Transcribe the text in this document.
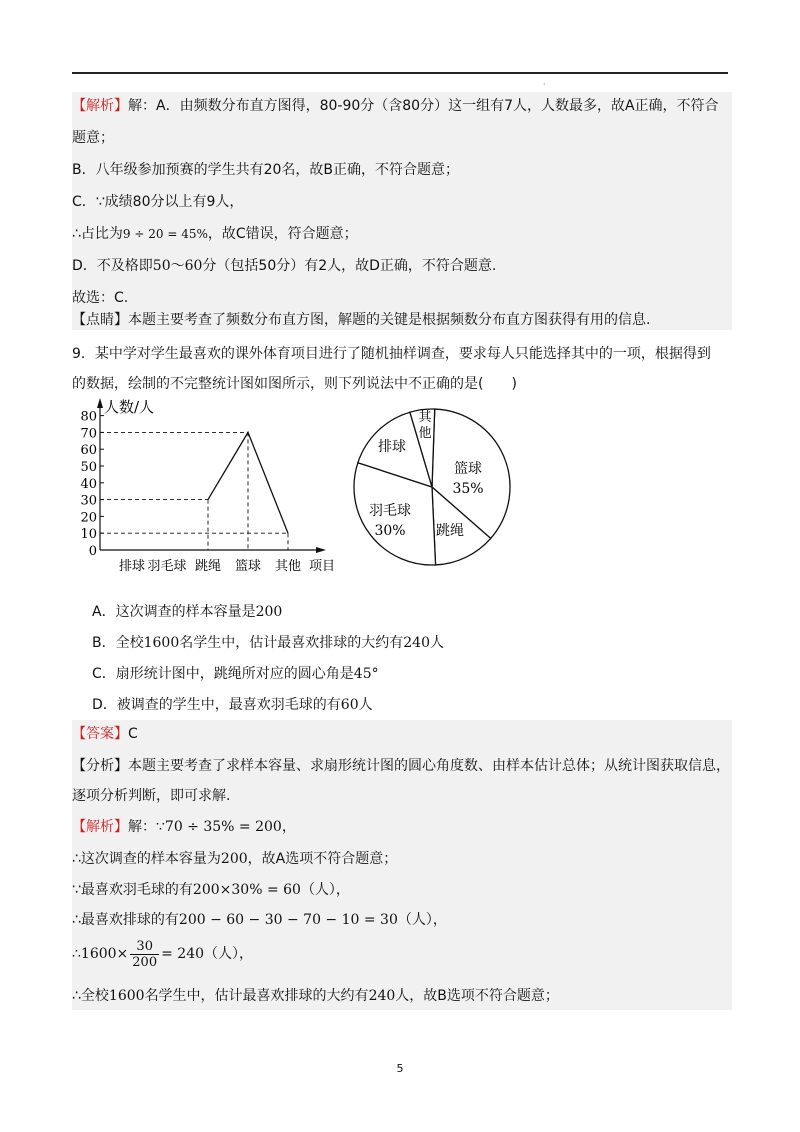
·
【解析】解：A．由频数分布直方图得，80-90分（含80分）这一组有7人，人数最多，故A正确，不符合
题意；
B．八年级参加预赛的学生共有20名，故B正确，不符合题意；
C．∵成绩80分以上有9人，
∴占比为9 ÷ 20 = 45%，故C错误，符合题意；
D．不及格即50～60分（包括50分）有2人，故D正确，不符合题意.
故选：C.
【点睛】本题主要考查了频数分布直方图，解题的关键是根据频数分布直方图获得有用的信息.
9．某中学对学生最喜欢的课外体育项目进行了随机抽样调查，要求每人只能选择其中的一项，根据得到
的数据，绘制的不完整统计图如图所示，则下列说法中不正确的是(　　)
0
10
20
30
40
50
60
70
80
人数/人
排球 羽毛球 跳绳 篮球 其他 项目
篮球
35%
跳绳
羽毛球
30%
排球
其
他
A．这次调查的样本容量是200
B．全校1600名学生中，估计最喜欢排球的大约有240人
C．扇形统计图中，跳绳所对应的圆心角是45°
D．被调查的学生中，最喜欢羽毛球的有60人
【答案】C
【分析】本题主要考查了求样本容量、求扇形统计图的圆心角度数、由样本估计总体；从统计图获取信息，
逐项分析判断，即可求解.
【解析】解：∵70 ÷ 35% = 200，
∴这次调查的样本容量为200，故A选项不符合题意；
∵最喜欢羽毛球的有200×30% = 60（人），
∴最喜欢排球的有200 − 60 − 30 − 70 − 10 = 30（人），
∴1600× $\frac{30}{200} = 240$（人），
∴全校1600名学生中，估计最喜欢排球的大约有240人，故B选项不符合题意；
5
